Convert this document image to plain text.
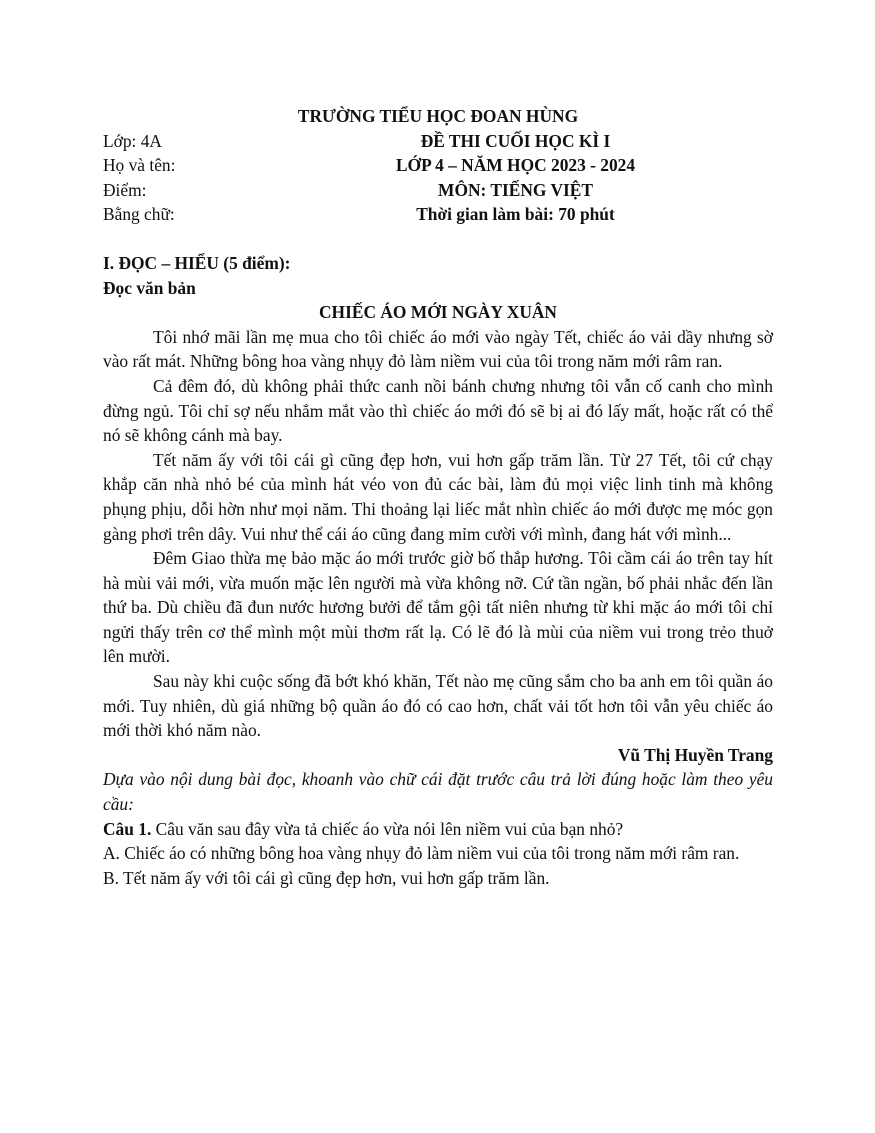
TRƯỜNG TIỂU HỌC ĐOAN HÙNG
Lớp: 4A	ĐỀ THI CUỐI HỌC KÌ I
Họ và tên:	LỚP 4 – NĂM HỌC 2023 - 2024
Điểm:	MÔN: TIẾNG VIỆT
Bằng chữ:	Thời gian làm bài: 70 phút
I. ĐỌC – HIỂU (5 điểm):
Đọc văn bản
CHIẾC ÁO MỚI NGÀY XUÂN

Tôi nhớ mãi lần mẹ mua cho tôi chiếc áo mới vào ngày Tết, chiếc áo vải dầy nhưng sờ vào rất mát. Những bông hoa vàng nhụy đỏ làm niềm vui của tôi trong năm mới râm ran.

Cả đêm đó, dù không phải thức canh nồi bánh chưng nhưng tôi vẫn cố canh cho mình đừng ngủ. Tôi chỉ sợ nếu nhắm mắt vào thì chiếc áo mới đó sẽ bị ai đó lấy mất, hoặc rất có thể nó sẽ không cánh mà bay.

Tết năm ấy với tôi cái gì cũng đẹp hơn, vui hơn gấp trăm lần. Từ 27 Tết, tôi cứ chạy khắp căn nhà nhỏ bé của mình hát véo von đủ các bài, làm đủ mọi việc linh tinh mà không phụng phịu, dỗi hờn như mọi năm. Thi thoảng lại liếc mắt nhìn chiếc áo mới được mẹ móc gọn gàng phơi trên dây. Vui như thể cái áo cũng đang mỉm cười với mình, đang hát với mình...

Đêm Giao thừa mẹ bảo mặc áo mới trước giờ bố thắp hương. Tôi cầm cái áo trên tay hít hà mùi vải mới, vừa muốn mặc lên người mà vừa không nỡ. Cứ tần ngần, bố phải nhắc đến lần thứ ba. Dù chiều đã đun nước hương bưởi để tắm gội tất niên nhưng từ khi mặc áo mới tôi chỉ ngửi thấy trên cơ thể mình một mùi thơm rất lạ. Có lẽ đó là mùi của niềm vui trong trẻo thuở lên mười.

Sau này khi cuộc sống đã bớt khó khăn, Tết nào mẹ cũng sắm cho ba anh em tôi quần áo mới. Tuy nhiên, dù giá những bộ quần áo đó có cao hơn, chất vải tốt hơn tôi vẫn yêu chiếc áo mới thời khó năm nào.

Vũ Thị Huyền Trang

Dựa vào nội dung bài đọc, khoanh vào chữ cái đặt trước câu trả lời đúng hoặc làm theo yêu cầu:

Câu 1. Câu văn sau đây vừa tả chiếc áo vừa nói lên niềm vui của bạn nhỏ?

A. Chiếc áo có những bông hoa vàng nhụy đỏ làm niềm vui của tôi trong năm mới râm ran.

B. Tết năm ấy với tôi cái gì cũng đẹp hơn, vui hơn gấp trăm lần.
